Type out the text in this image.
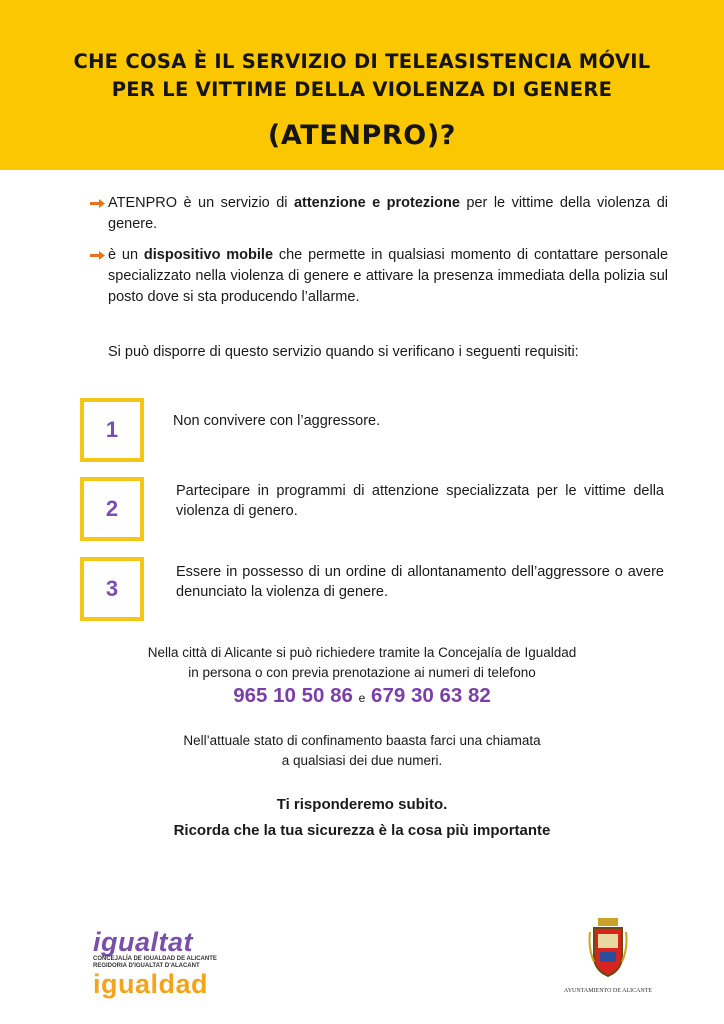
CHE COSA È IL SERVIZIO DI TELEASISTENCIA MÓVIL
PER LE VITTIME DELLA VIOLENZA DI GENERE
(ATENPRO)?
ATENPRO è un servizio di attenzione e protezione per le vittime della violenza di genere.
è un dispositivo mobile che permette in qualsiasi momento di contattare personale specializzato nella violenza di genere e attivare la presenza immediata della polizia sul posto dove si sta producendo l’allarme.
Si può disporre di questo servizio quando si verificano i seguenti requisiti:
1	Non convivere con l’aggressore.
2
Partecipare in programmi di attenzione specializzata per le vittime della violenza di genero.
3
Essere in possesso di un ordine di allontanamento dell’aggressore o avere denunciato la violenza di genere.
Nella città di Alicante si può richiedere tramite la Concejalía de Igualdad
in persona o con previa prenotazione ai numeri di telefono
965 10 50 86 e 679 30 63 82
Nell’attuale stato di confinamento baasta farci una chiamata
a qualsiasi dei due numeri.
Ti risponderemo subito.
Ricorda che la tua sicurezza è la cosa più importante
igualtat
CONCEJALÍA DE IGUALDAD DE ALICANTE
REGIDORIA D'IGUALTAT D'ALACANT
igualdad	AYUNTAMIENTO DE ALICANTE
